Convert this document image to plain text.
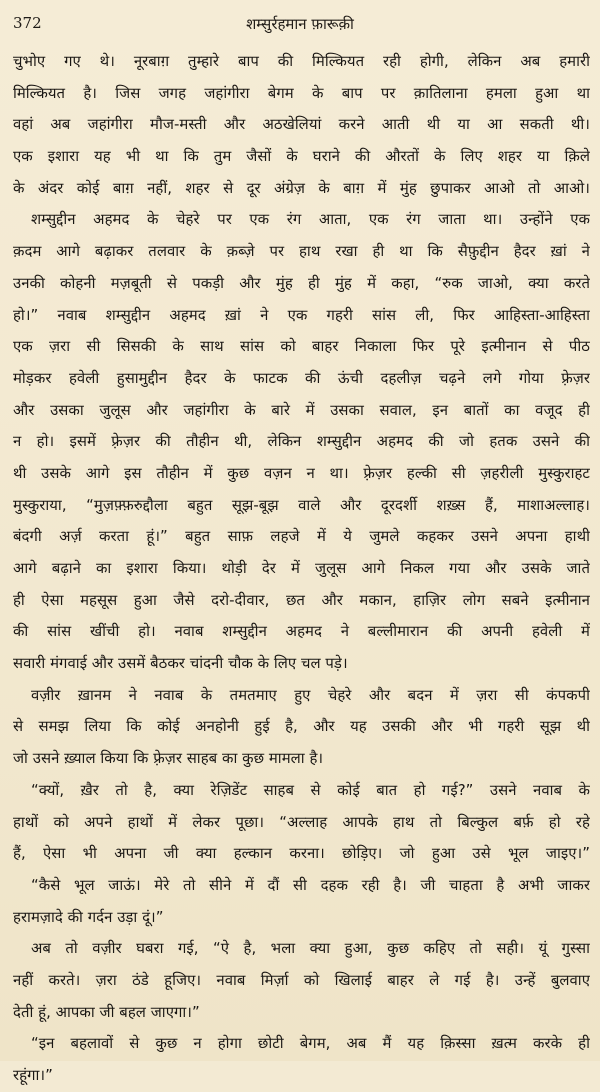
372	शम्सुर्रहमान फ़ारूक़ी
चुभोए गए थे। नूरबाग़ तुम्हारे बाप की मिल्कियत रही होगी, लेकिन अब हमारी
मिल्कियत है। जिस जगह जहांगीरा बेगम के बाप पर क़ातिलाना हमला हुआ था
वहां अब जहांगीरा मौज-मस्ती और अठखेलियां करने आती थी या आ सकती थी।
एक इशारा यह भी था कि तुम जैसों के घराने की औरतों के लिए शहर या क़िले
के अंदर कोई बाग़ नहीं, शहर से दूर अंग्रेज़ के बाग़ में मुंह छुपाकर आओ तो आओ।
शम्सुद्दीन अहमद के चेहरे पर एक रंग आता, एक रंग जाता था। उन्होंने एक
क़दम आगे बढ़ाकर तलवार के क़ब्ज़े पर हाथ रखा ही था कि सैफ़ुद्दीन हैदर ख़ां ने
उनकी कोहनी मज़बूती से पकड़ी और मुंह ही मुंह में कहा, “रुक जाओ, क्या करते
हो।” नवाब शम्सुद्दीन अहमद ख़ां ने एक गहरी सांस ली, फिर आहिस्ता-आहिस्ता
एक ज़रा सी सिसकी के साथ सांस को बाहर निकाला फिर पूरे इत्मीनान से पीठ
मोड़कर हवेली हुसामुद्दीन हैदर के फाटक की ऊंची दहलीज़ चढ़ने लगे गोया फ़्रेज़र
और उसका जुलूस और जहांगीरा के बारे में उसका सवाल, इन बातों का वजूद ही
न हो। इसमें फ़्रेज़र की तौहीन थी, लेकिन शम्सुद्दीन अहमद की जो हतक उसने की
थी उसके आगे इस तौहीन में कुछ वज़न न था। फ़्रेज़र हल्की सी ज़हरीली मुस्कुराहट
मुस्कुराया, “मुज़फ़्फ़रुद्दौला बहुत सूझ-बूझ वाले और दूरदर्शी शख़्स हैं, माशाअल्लाह।
बंदगी अर्ज़ करता हूं।” बहुत साफ़ लहजे में ये जुमले कहकर उसने अपना हाथी
आगे बढ़ाने का इशारा किया। थोड़ी देर में जुलूस आगे निकल गया और उसके जाते
ही ऐसा महसूस हुआ जैसे दरो-दीवार, छत और मकान, हाज़िर लोग सबने इत्मीनान
की सांस खींची हो। नवाब शम्सुद्दीन अहमद ने बल्लीमारान की अपनी हवेली में
सवारी मंगवाई और उसमें बैठकर चांदनी चौक के लिए चल पड़े।
वज़ीर ख़ानम ने नवाब के तमतमाए हुए चेहरे और बदन में ज़रा सी कंपकपी
से समझ लिया कि कोई अनहोनी हुई है, और यह उसकी और भी गहरी सूझ थी
जो उसने ख़्याल किया कि फ़्रेज़र साहब का कुछ मामला है।
“क्यों, ख़ैर तो है, क्या रेज़िडेंट साहब से कोई बात हो गई?” उसने नवाब के
हाथों को अपने हाथों में लेकर पूछा। “अल्लाह आपके हाथ तो बिल्कुल बर्फ़ हो रहे
हैं, ऐसा भी अपना जी क्या हल्कान करना। छोड़िए। जो हुआ उसे भूल जाइए।”
“कैसे भूल जाऊं। मेरे तो सीने में दौं सी दहक रही है। जी चाहता है अभी जाकर
हरामज़ादे की गर्दन उड़ा दूं।”
अब तो वज़ीर घबरा गई, “ऐ है, भला क्या हुआ, कुछ कहिए तो सही। यूं गुस्सा
नहीं करते। ज़रा ठंडे हूजिए। नवाब मिर्ज़ा को खिलाई बाहर ले गई है। उन्हें बुलवाए
देती हूं, आपका जी बहल जाएगा।”
“इन बहलावों से कुछ न होगा छोटी बेगम, अब मैं यह क़िस्सा ख़त्म करके ही
रहूंगा।”
